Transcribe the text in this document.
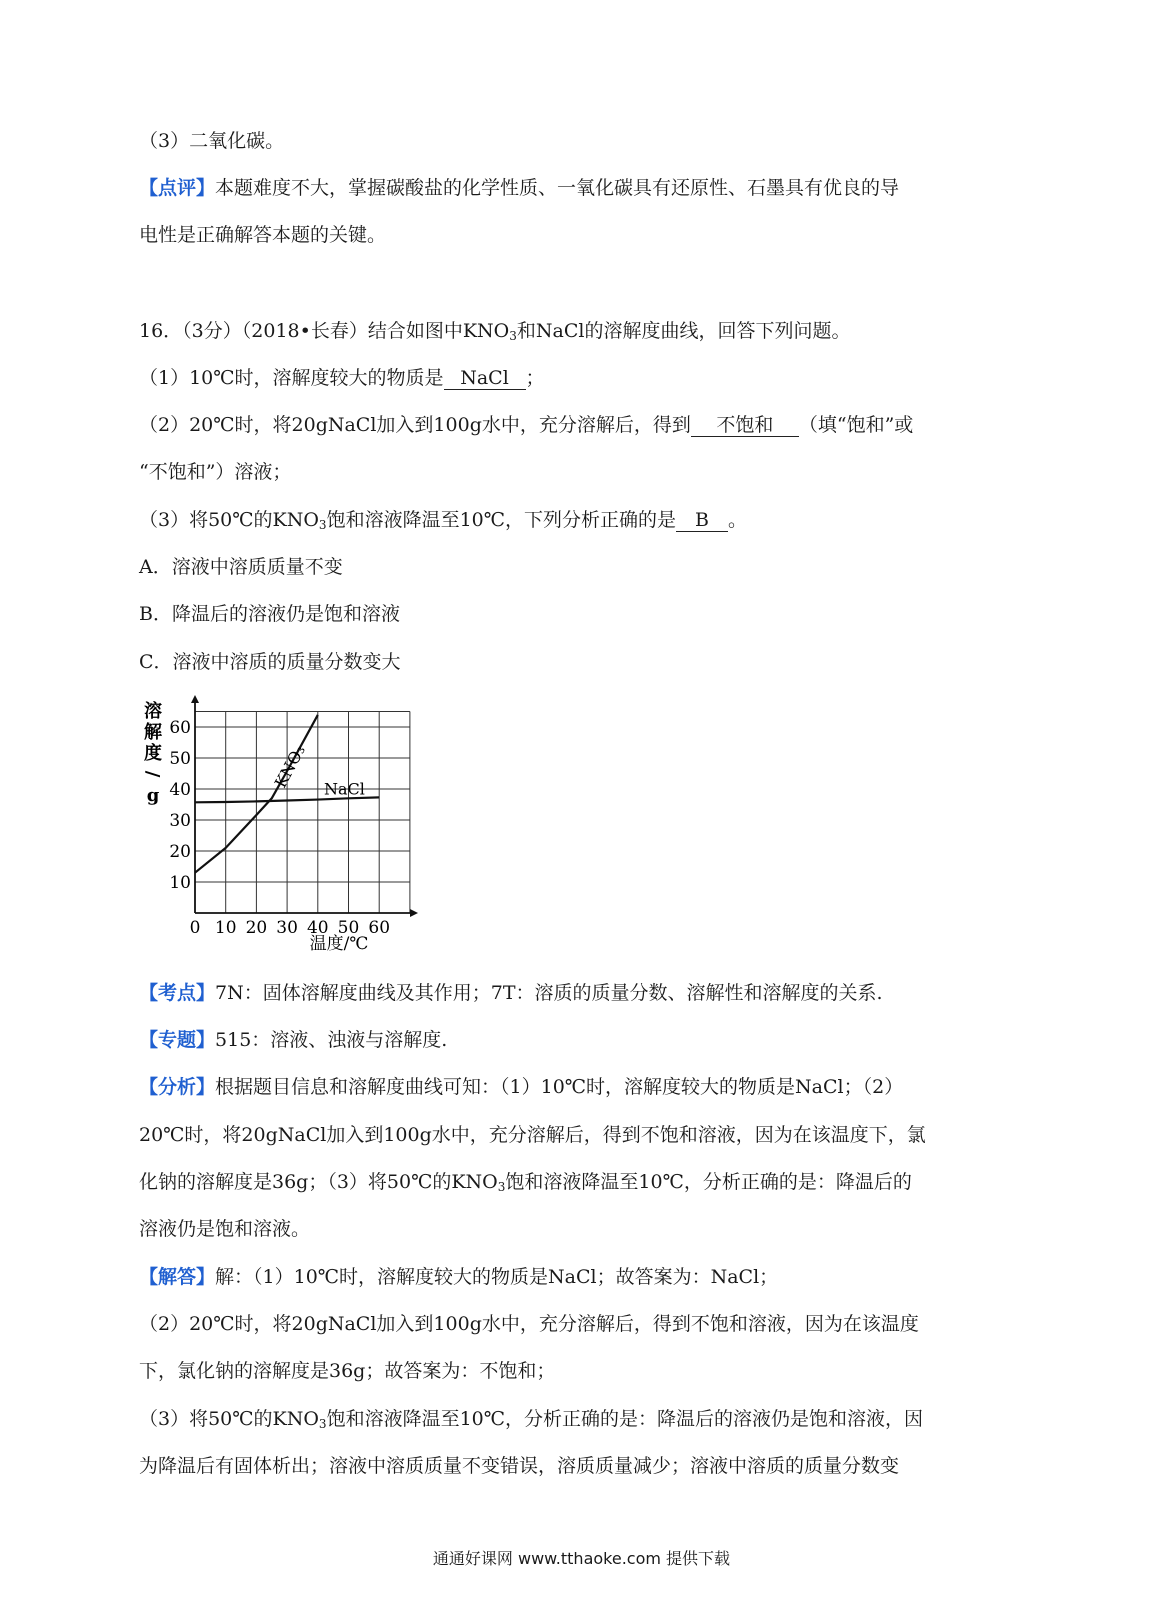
（3）二氧化碳。
【点评】本题难度不大，掌握碳酸盐的化学性质、一氧化碳具有还原性、石墨具有优良的导
电性是正确解答本题的关键。
16．（3分）（2018•长春）结合如图中$KNO_3$和NaCl的溶解度曲线，回答下列问题。
（1）10℃时，溶解度较大的物质是 NaCl ；
（2）20℃时，将20gNaCl加入到100g水中，充分溶解后，得到 不饱和 （填“饱和”或
“不饱和”）溶液；
（3）将50℃的$KNO_3$饱和溶液降温至10℃，下列分析正确的是 B 。
A．溶液中溶质质量不变
B．降温后的溶液仍是饱和溶液
C．溶液中溶质的质量分数变大
10
20
30
40
50
60
0 10 20 30 40 50 60
KNO₃ NaCl
溶
解
度
/
g
温度/℃
【考点】7N：固体溶解度曲线及其作用；7T：溶质的质量分数、溶解性和溶解度的关系.
【专题】515：溶液、浊液与溶解度.
【分析】根据题目信息和溶解度曲线可知：（1）10℃时，溶解度较大的物质是NaCl；（2）
20℃时，将20gNaCl加入到100g水中，充分溶解后，得到不饱和溶液，因为在该温度下，氯
化钠的溶解度是36g；（3）将50℃的$KNO_3$饱和溶液降温至10℃，分析正确的是：降温后的
溶液仍是饱和溶液。
【解答】解：（1）10℃时，溶解度较大的物质是NaCl；故答案为：NaCl；
（2）20℃时，将20gNaCl加入到100g水中，充分溶解后，得到不饱和溶液，因为在该温度
下，氯化钠的溶解度是36g；故答案为：不饱和；
（3）将50℃的$KNO_3$饱和溶液降温至10℃，分析正确的是：降温后的溶液仍是饱和溶液，因
为降温后有固体析出；溶液中溶质质量不变错误，溶质质量减少；溶液中溶质的质量分数变
通通好课网 www.tthaoke.com 提供下载
